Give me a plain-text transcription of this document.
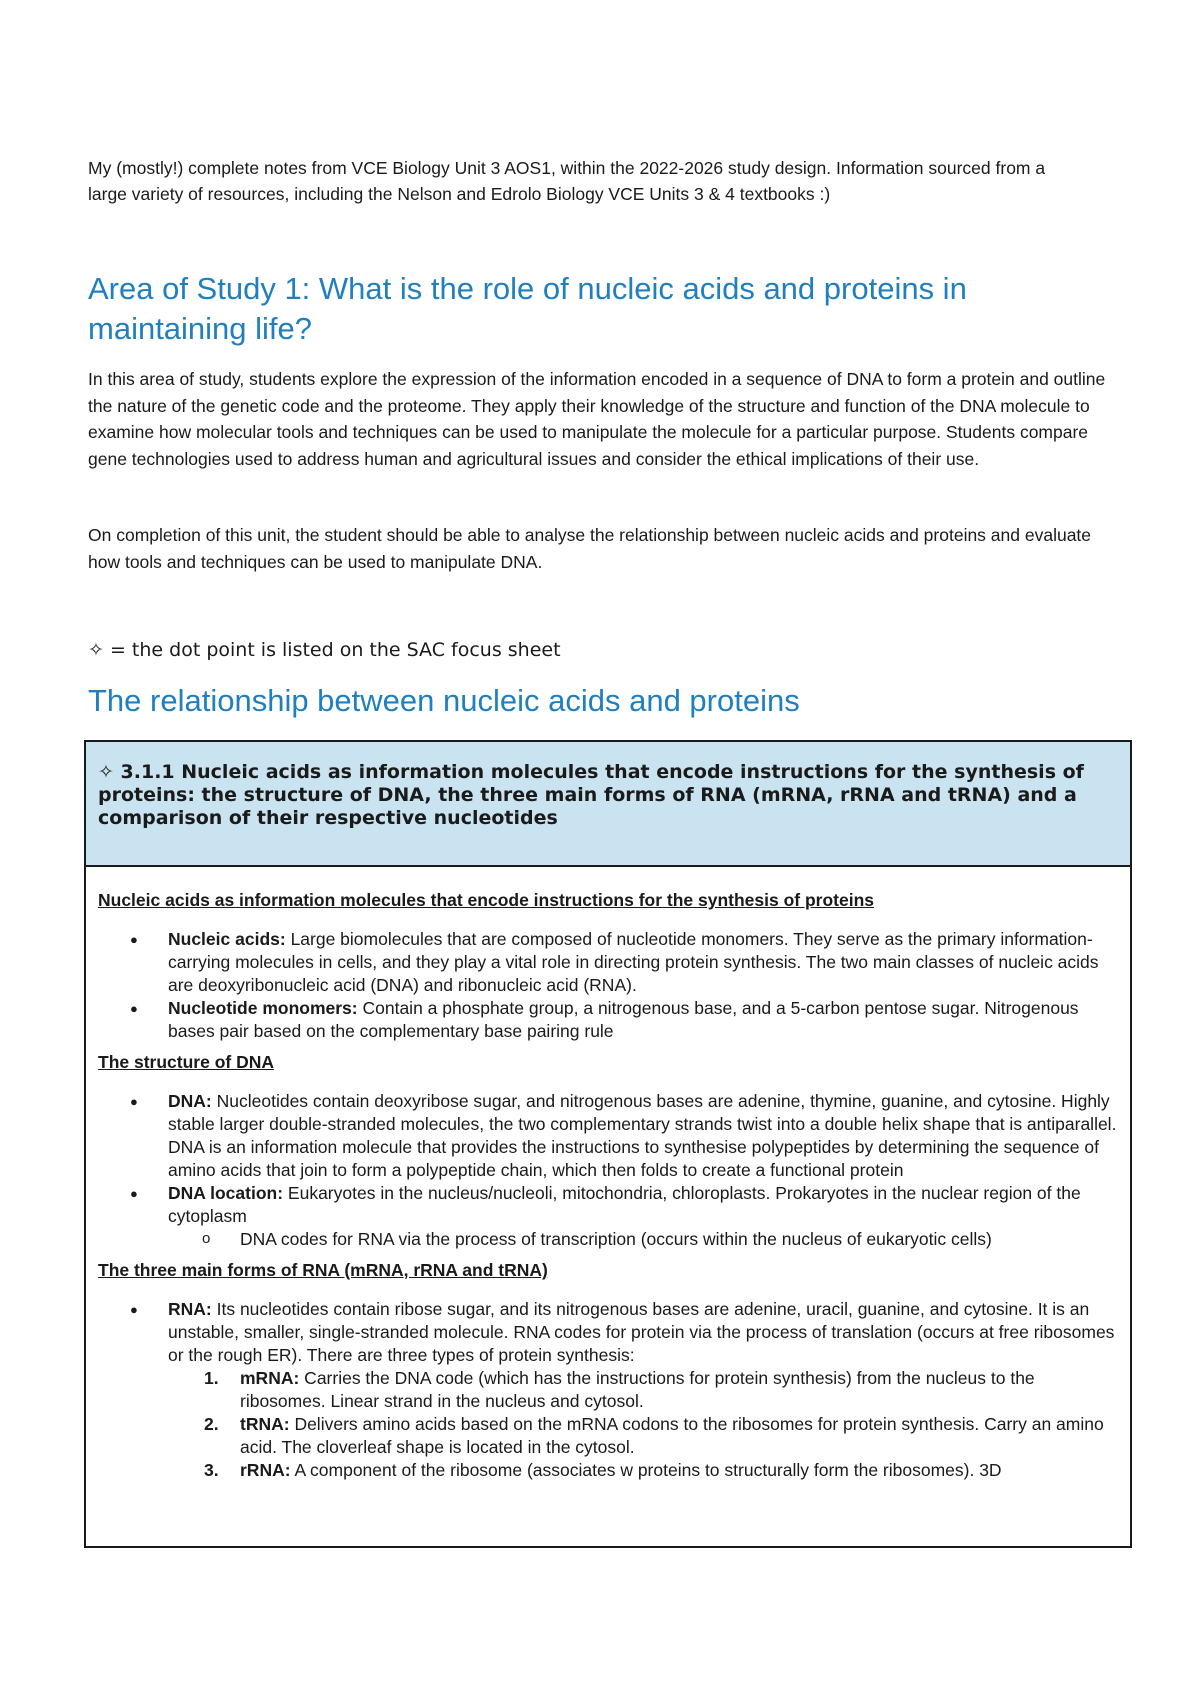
My (mostly!) complete notes from VCE Biology Unit 3 AOS1, within the 2022-2026 study design. Information sourced from a large variety of resources, including the Nelson and Edrolo Biology VCE Units 3 & 4 textbooks :)

Area of Study 1: What is the role of nucleic acids and proteins in maintaining life?

In this area of study, students explore the expression of the information encoded in a sequence of DNA to form a protein and outline the nature of the genetic code and the proteome. They apply their knowledge of the structure and function of the DNA molecule to examine how molecular tools and techniques can be used to manipulate the molecule for a particular purpose. Students compare gene technologies used to address human and agricultural issues and consider the ethical implications of their use.

On completion of this unit, the student should be able to analyse the relationship between nucleic acids and proteins and evaluate how tools and techniques can be used to manipulate DNA.

✧ = the dot point is listed on the SAC focus sheet

The relationship between nucleic acids and proteins
✧ 3.1.1 Nucleic acids as information molecules that encode instructions for the synthesis of proteins: the structure of DNA, the three main forms of RNA (mRNA, rRNA and tRNA) and a comparison of their respective nucleotides

Nucleic acids as information molecules that encode instructions for the synthesis of proteins

● Nucleic acids: Large biomolecules that are composed of nucleotide monomers. They serve as the primary information-carrying molecules in cells, and they play a vital role in directing protein synthesis. The two main classes of nucleic acids are deoxyribonucleic acid (DNA) and ribonucleic acid (RNA).
● Nucleotide monomers: Contain a phosphate group, a nitrogenous base, and a 5-carbon pentose sugar. Nitrogenous bases pair based on the complementary base pairing rule

The structure of DNA

● DNA: Nucleotides contain deoxyribose sugar, and nitrogenous bases are adenine, thymine, guanine, and cytosine. Highly stable larger double-stranded molecules, the two complementary strands twist into a double helix shape that is antiparallel. DNA is an information molecule that provides the instructions to synthesise polypeptides by determining the sequence of amino acids that join to form a polypeptide chain, which then folds to create a functional protein
● DNA location: Eukaryotes in the nucleus/nucleoli, mitochondria, chloroplasts. Prokaryotes in the nuclear region of the cytoplasm
o DNA codes for RNA via the process of transcription (occurs within the nucleus of eukaryotic cells)

The three main forms of RNA (mRNA, rRNA and tRNA)

● RNA: Its nucleotides contain ribose sugar, and its nitrogenous bases are adenine, uracil, guanine, and cytosine. It is an unstable, smaller, single-stranded molecule. RNA codes for protein via the process of translation (occurs at free ribosomes or the rough ER). There are three types of protein synthesis:
1. mRNA: Carries the DNA code (which has the instructions for protein synthesis) from the nucleus to the ribosomes. Linear strand in the nucleus and cytosol.
2. tRNA: Delivers amino acids based on the mRNA codons to the ribosomes for protein synthesis. Carry an amino acid. The cloverleaf shape is located in the cytosol.
3. rRNA: A component of the ribosome (associates w proteins to structurally form the ribosomes). 3D
